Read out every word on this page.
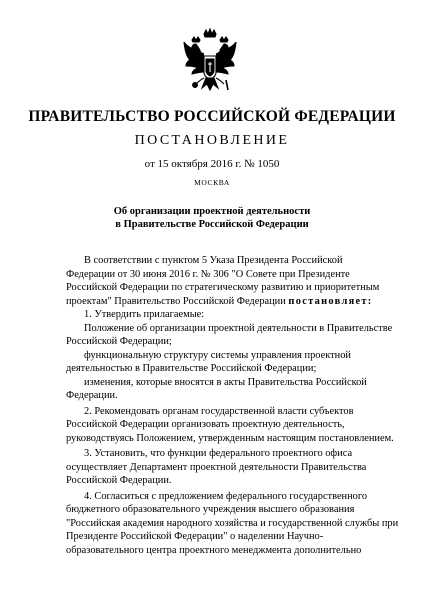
ПРАВИТЕЛЬСТВО РОССИЙСКОЙ ФЕДЕРАЦИИ
ПОСТАНОВЛЕНИЕ
от 15 октября 2016 г. № 1050
МОСКВА
Об организации проектной деятельности
в Правительстве Российской Федерации
В соответствии с пунктом 5 Указа Президента Российской
Федерации от 30 июня 2016 г. № 306 "О Совете при Президенте
Российской Федерации по стратегическому развитию и приоритетным
проектам" Правительство Российской Федерации постановляет:
1. Утвердить прилагаемые:
Положение об организации проектной деятельности в Правительстве
Российской Федерации;
функциональную структуру системы управления проектной
деятельностью в Правительстве Российской Федерации;
изменения, которые вносятся в акты Правительства Российской
Федерации.
2. Рекомендовать органам государственной власти субъектов
Российской Федерации организовать проектную деятельность,
руководствуясь Положением, утвержденным настоящим постановлением.
3. Установить, что функции федерального проектного офиса
осуществляет Департамент проектной деятельности Правительства
Российской Федерации.
4. Согласиться с предложением федерального государственного
бюджетного образовательного учреждения высшего образования
"Российская академия народного хозяйства и государственной службы при
Президенте Российской Федерации" о наделении Научно-
образовательного центра проектного менеджмента дополнительно
